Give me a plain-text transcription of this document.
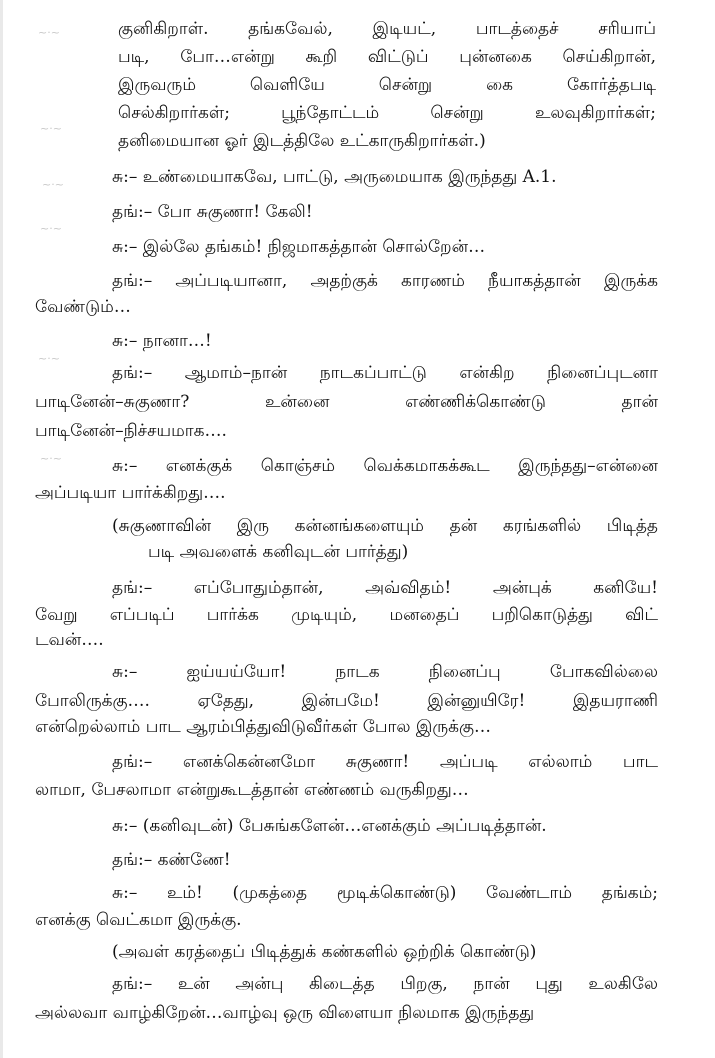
~·~
~·~
~·~
~·~
~·~
~·~
குனிகிறாள். தங்கவேல், இடியட், பாடத்தைச் சரியாப்
படி, போ…என்று கூறி விட்டுப் புன்னகை செய்கிறான்,
இருவரும் வெளியே சென்று கை கோர்த்தபடி
செல்கிறார்கள்; பூந்தோட்டம் சென்று உலவுகிறார்கள்;
தனிமையான ஓர் இடத்திலே உட்காருகிறார்கள்.)
சு:– உண்மையாகவே, பாட்டு, அருமையாக இருந்தது A.1.
தங்:– போ சுகுணா! கேலி!
சு:– இல்லே தங்கம்! நிஜமாகத்தான் சொல்றேன்…
தங்:– அப்படியானா, அதற்குக் காரணம் நீயாகத்தான் இருக்க
வேண்டும்…
சு:– நானா…!
தங்:– ஆமாம்–நான் நாடகப்பாட்டு என்கிற நினைப்புடனா
பாடினேன்–சுகுணா? உன்னை எண்ணிக்கொண்டு தான்
பாடினேன்–நிச்சயமாக….
சு:– எனக்குக் கொஞ்சம் வெக்கமாகக்கூட இருந்தது–என்னை
அப்படியா பார்க்கிறது….
(சுகுணாவின் இரு கன்னங்களையும் தன் கரங்களில் பிடித்த
படி அவளைக் கனிவுடன் பார்த்து)
தங்:– எப்போதும்தான், அவ்விதம்! அன்புக் கனியே!
வேறு எப்படிப் பார்க்க முடியும், மனதைப் பறிகொடுத்து விட்
டவன்….
சு:– ஐய்யய்யோ! நாடக நினைப்பு போகவில்லை
போலிருக்கு…. ஏதேது, இன்பமே! இன்னுயிரே! இதயராணி
என்றெல்லாம் பாட ஆரம்பித்துவிடுவீர்கள் போல இருக்கு…
தங்:– எனக்கென்னமோ சுகுணா! அப்படி எல்லாம் பாட
லாமா, பேசலாமா என்றுகூடத்தான் எண்ணம் வருகிறது…
சு:– (கனிவுடன்) பேசுங்களேன்…எனக்கும் அப்படித்தான்.
தங்:– கண்ணே!
சு:– உம்! (முகத்தை மூடிக்கொண்டு) வேண்டாம் தங்கம்;
எனக்கு வெட்கமா இருக்கு.
(அவள் கரத்தைப் பிடித்துக் கண்களில் ஒற்றிக் கொண்டு)
தங்:– உன் அன்பு கிடைத்த பிறகு, நான் புது உலகிலே
அல்லவா வாழ்கிறேன்…வாழ்வு ஒரு விளையா நிலமாக இருந்தது
